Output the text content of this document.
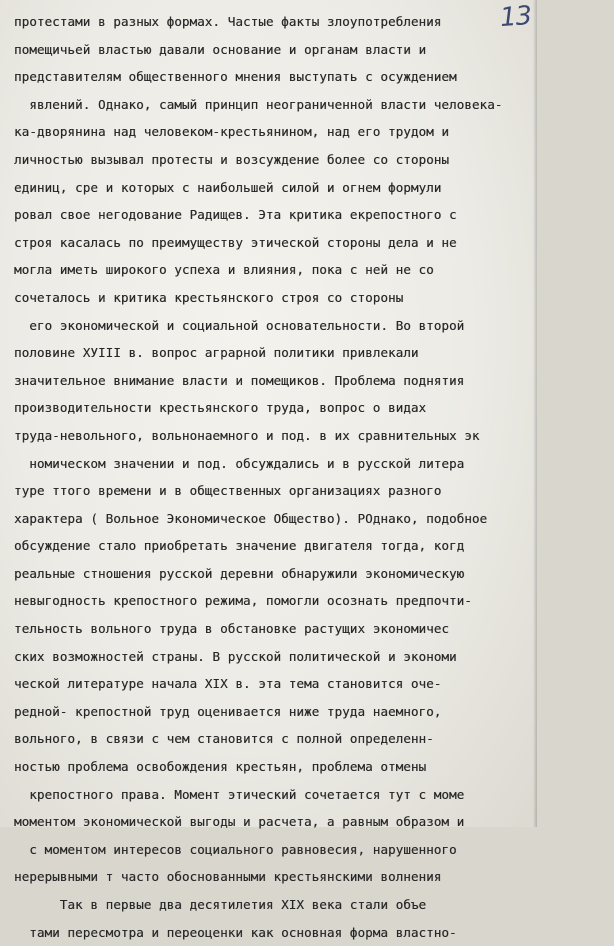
13
протестами в разных формах. Частые факты злоупотребления
помещичьей властью давали основание и органам власти и
представителям общественного мнения выступать с осуждением
явлений. Однако, самый принцип неограниченной власти человека-
ка-дворянина над человеком-крестьянином, над его трудом и
личностью вызывал протесты и возсуждение более со стороны
единиц, сре и которых с наибольшей силой и огнем формули
ровал свое негодование Радищев. Эта критика екрепостного с
строя касалась по преимуществу этической стороны дела и не
могла иметь широкого успеха и влияния, пока с ней не со
сочеталось и критика крестьянского строя со стороны
его экономической и социальной основательности. Во второй
половине ХУIII в. вопрос аграрной политики привлекали
значительное внимание власти и помещиков. Проблема поднятия
производительности крестьянского труда, вопрос о видах
труда-невольного, вольнонаемного и под. в их сравнительных эк
номическом значении и под. обсуждались и в русской литера
туре ттого времени и в общественных организациях разного
характера ( Вольное Экономическое Общество). РОднако, подобное
обсуждение стало приобретать значение двигателя тогда, когд
реальные стношения русской деревни обнаружили экономическую
невыгодность крепостного режима, помогли осознать предпочти-
тельность вольного труда в обстановке растущих экономичес
ских возможностей страны. В русской политической и экономи
ческой литературе начала XIX в. эта тема становится оче-
редной- крепостной труд оценивается ниже труда наемного,
вольного, в связи с чем становится с полной определенн-
ностью проблема освобождения крестьян, проблема отмены
крепостного права. Момент этический сочетается тут с моме
моментом экономической выгоды и расчета, а равным образом и
с моментом интересов социального равновесия, нарушенного
нерерывными т часто обоснованными крестьянскими волнения
Так в первые два десятилетия XIX века стали объе
тами пересмотра и переоценки как основная форма властно-
